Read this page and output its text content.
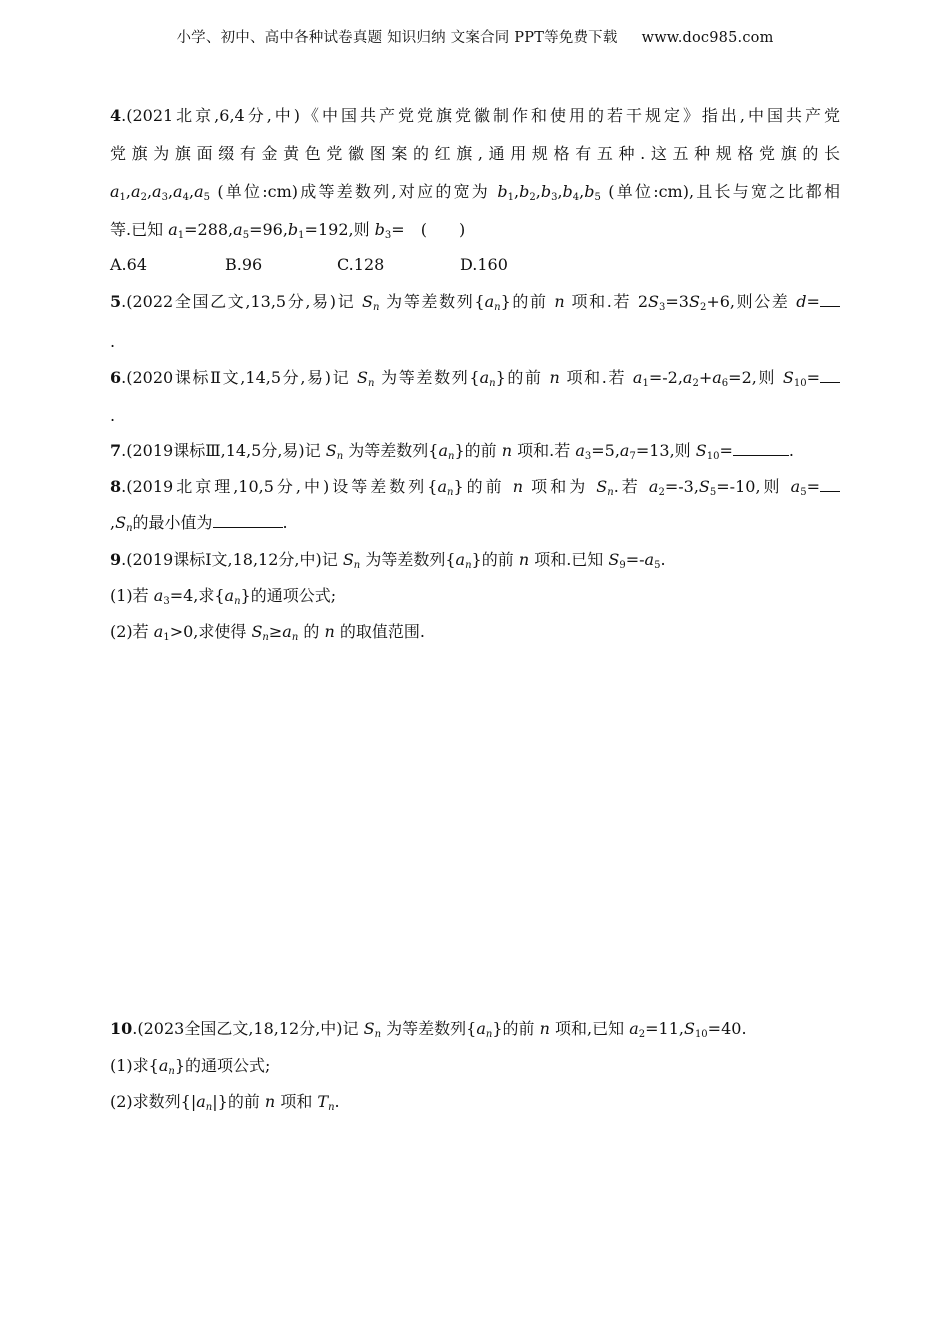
小学、初中、高中各种试卷真题 知识归纳 文案合同 PPT等免费下载 www.doc985.com
4.(2021北京,6,4分,中)《中国共产党党旗党徽制作和使用的若干规定》指出,中国共产党
党旗为旗面缀有金黄色党徽图案的红旗,通用规格有五种.这五种规格党旗的长
$a_1,a_2,a_3,a_4,a_5$ (单位:cm)成等差数列,对应的宽为 $b_1,b_2,b_3,b_4,b_5$ (单位:cm),且长与宽之比都相
等.已知 $a_1=288,a_5=96,b_1=192$,则 $b_3=$　(　　)
A.64	B.96	C.128	D.160
5.(2022全国乙文,13,5分,易)记 $S_n$ 为等差数列$\{a_n\}$的前 n 项和.若 $2S_3=3S_2+6$,则公差 d=
.
6.(2020课标Ⅱ文,14,5分,易)记 $S_n$ 为等差数列$\{a_n\}$的前 n 项和.若 $a_1=-2,a_2+a_6=2$,则 $S_{10}=$
.
7.(2019课标Ⅲ,14,5分,易)记 $S_n$ 为等差数列$\{a_n\}$的前 n 项和.若 $a_3=5,a_7=13$,则 $S_{10}=$	.
8.(2019北京理,10,5分,中)设等差数列$\{a_n\}$的前 n 项和为 $S_n$.若 $a_2=-3,S_5=-10$,则 $a_5=$
$,S_n$的最小值为	.
9.(2019课标Ⅰ文,18,12分,中)记 $S_n$ 为等差数列$\{a_n\}$的前 n 项和.已知 $S_9=-a_5$.
(1)若 $a_3=4$,求$\{a_n\}$的通项公式;
(2)若 $a_1>0$,求使得 $S_n\ge a_n$ 的 n 的取值范围.
10.(2023全国乙文,18,12分,中)记 $S_n$ 为等差数列$\{a_n\}$的前 n 项和,已知 $a_2=11,S_{10}=40$.
(1)求$\{a_n\}$的通项公式;
(2)求数列$\{|a_n|\}$的前 n 项和 $T_n$.
